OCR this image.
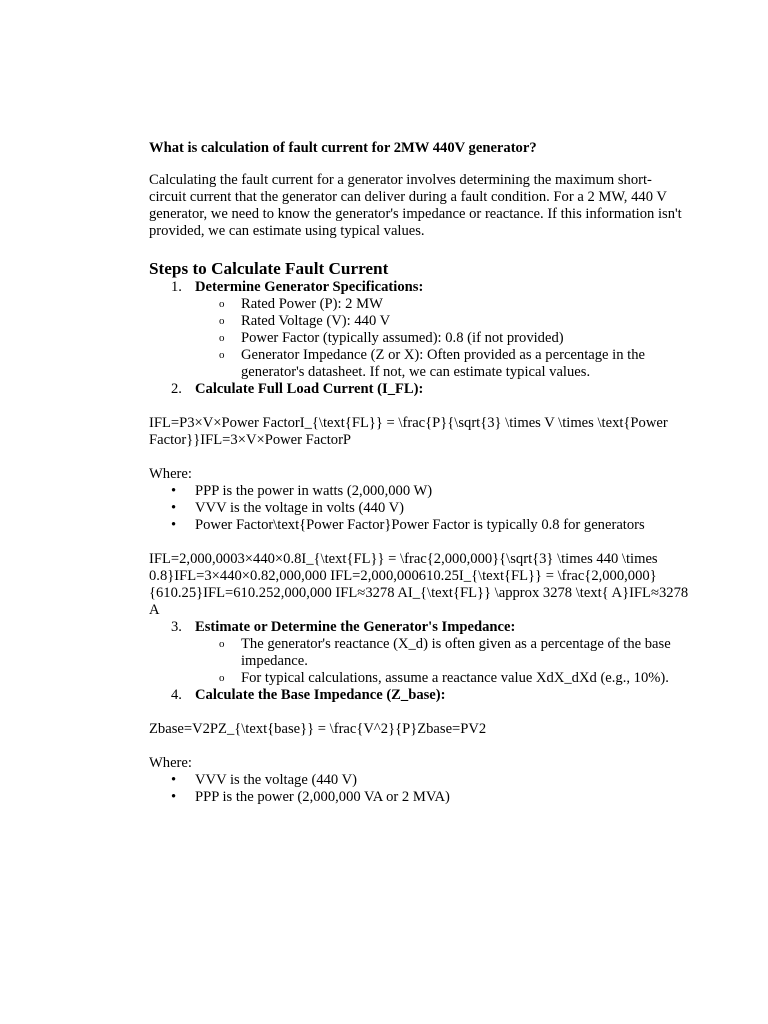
What is calculation of fault current for 2MW 440V generator?

Calculating the fault current for a generator involves determining the maximum short-circuit current that the generator can deliver during a fault condition. For a 2 MW, 440 V generator, we need to know the generator's impedance or reactance. If this information isn't provided, we can estimate using typical values.

Steps to Calculate Fault Current

1. Determine Generator Specifications:
o Rated Power (P): 2 MW
o Rated Voltage (V): 440 V
o Power Factor (typically assumed): 0.8 (if not provided)
o Generator Impedance (Z or X): Often provided as a percentage in the generator's datasheet. If not, we can estimate typical values.
2. Calculate Full Load Current (I_FL):

IFL=P3×V×Power FactorI_{\text{FL}} = \frac{P}{\sqrt{3} \times V \times \text{Power Factor}}IFL=3×V×Power FactorP

Where:

• PPP is the power in watts (2,000,000 W)
• VVV is the voltage in volts (440 V)
• Power Factor\text{Power Factor}Power Factor is typically 0.8 for generators

IFL=2,000,0003×440×0.8I_{\text{FL}} = \frac{2,000,000}{\sqrt{3} \times 440 \times 0.8}IFL=3×440×0.82,000,000 IFL=2,000,000610.25I_{\text{FL}} = \frac{2,000,000}{610.25}IFL=610.252,000,000 IFL≈3278 AI_{\text{FL}} \approx 3278 \text{ A}IFL≈3278 A

3. Estimate or Determine the Generator's Impedance:
o The generator's reactance (X_d) is often given as a percentage of the base impedance.
o For typical calculations, assume a reactance value XdX_dXd (e.g., 10%).
4. Calculate the Base Impedance (Z_base):

Zbase=V2PZ_{\text{base}} = \frac{V^2}{P}Zbase=PV2

Where:

• VVV is the voltage (440 V)
• PPP is the power (2,000,000 VA or 2 MVA)
